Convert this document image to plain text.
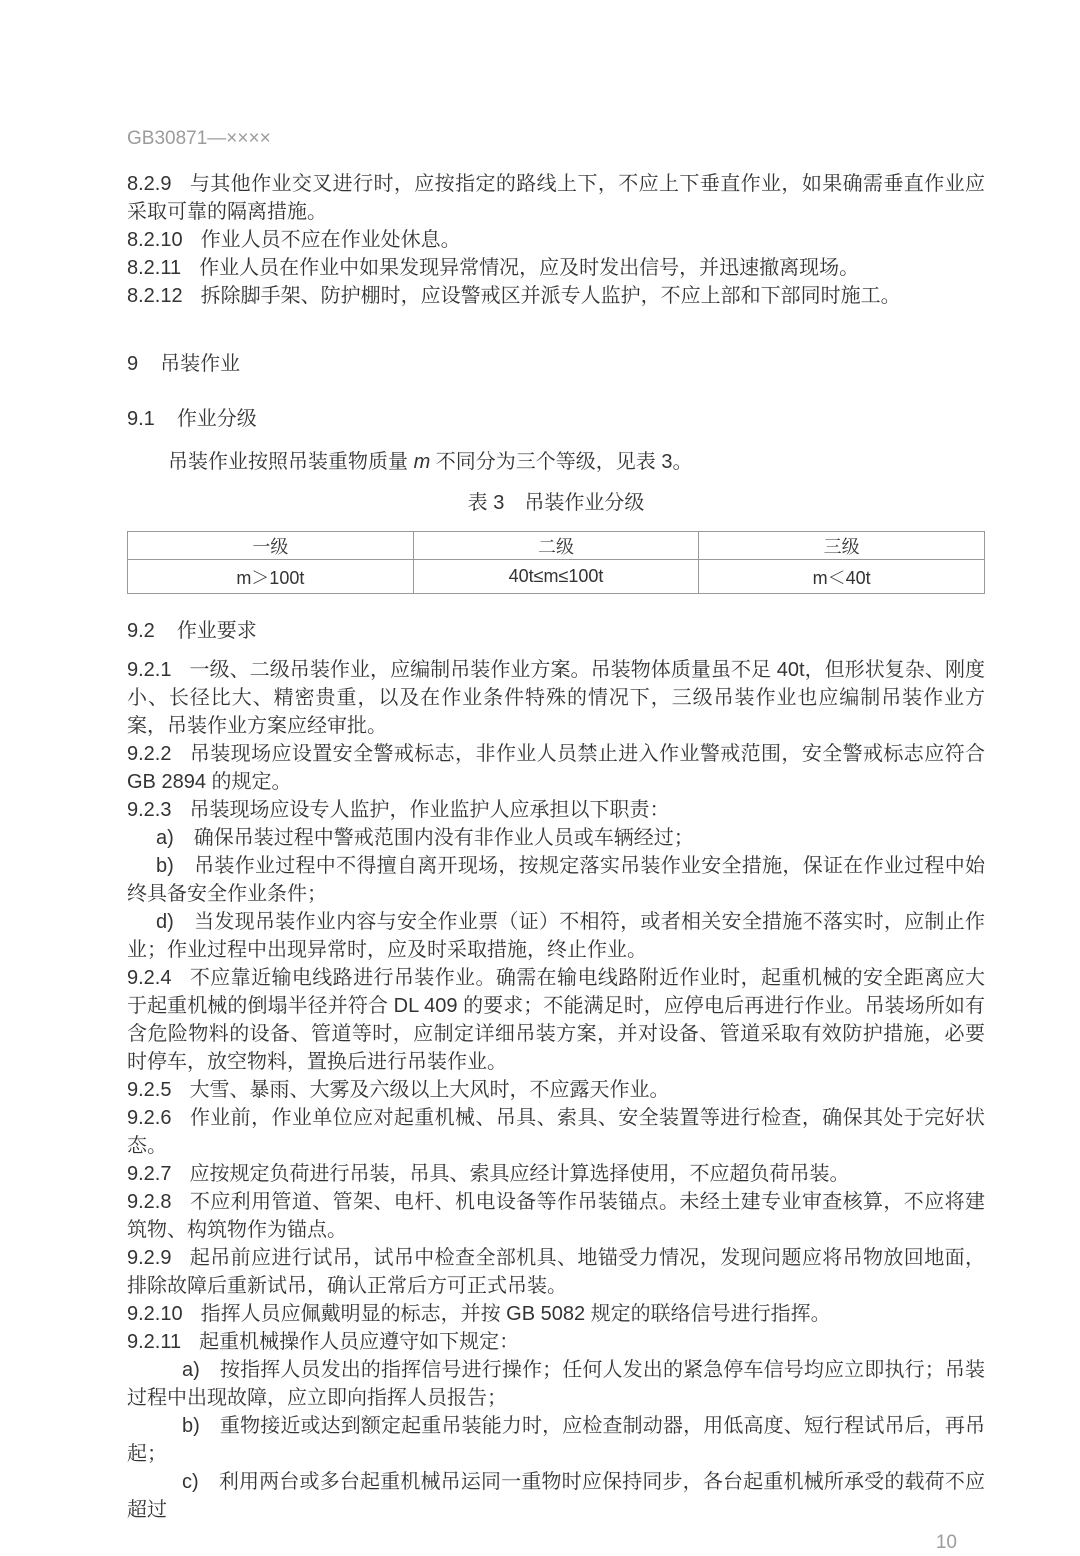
GB30871—××××

8.2.9 与其他作业交叉进行时，应按指定的路线上下，不应上下垂直作业，如果确需垂直作业应采取可靠的隔离措施。

8.2.10 作业人员不应在作业处休息。

8.2.11 作业人员在作业中如果发现异常情况，应及时发出信号，并迅速撤离现场。

8.2.12 拆除脚手架、防护棚时，应设警戒区并派专人监护，不应上部和下部同时施工。

9 吊装作业
9.1 作业分级

吊装作业按照吊装重物质量 m 不同分为三个等级，见表 3。

表 3　吊装作业分级

一级	二级	三级
m＞100t	40t≤m≤100t	m＜40t
9.2 作业要求

9.2.1 一级、二级吊装作业，应编制吊装作业方案。吊装物体质量虽不足 40t，但形状复杂、刚度小、长径比大、精密贵重，以及在作业条件特殊的情况下，三级吊装作业也应编制吊装作业方案，吊装作业方案应经审批。

9.2.2 吊装现场应设置安全警戒标志，非作业人员禁止进入作业警戒范围，安全警戒标志应符合 GB 2894 的规定。

9.2.3 吊装现场应设专人监护，作业监护人应承担以下职责：

a) 确保吊装过程中警戒范围内没有非作业人员或车辆经过；

b) 吊装作业过程中不得擅自离开现场，按规定落实吊装作业安全措施，保证在作业过程中始终具备安全作业条件；

d) 当发现吊装作业内容与安全作业票（证）不相符，或者相关安全措施不落实时，应制止作业；作业过程中出现异常时，应及时采取措施，终止作业。

9.2.4 不应靠近输电线路进行吊装作业。确需在输电线路附近作业时，起重机械的安全距离应大于起重机械的倒塌半径并符合 DL 409 的要求；不能满足时，应停电后再进行作业。吊装场所如有含危险物料的设备、管道等时，应制定详细吊装方案，并对设备、管道采取有效防护措施，必要时停车，放空物料，置换后进行吊装作业。

9.2.5 大雪、暴雨、大雾及六级以上大风时，不应露天作业。

9.2.6 作业前，作业单位应对起重机械、吊具、索具、安全装置等进行检查，确保其处于完好状态。

9.2.7 应按规定负荷进行吊装，吊具、索具应经计算选择使用，不应超负荷吊装。

9.2.8 不应利用管道、管架、电杆、机电设备等作吊装锚点。未经土建专业审查核算，不应将建筑物、构筑物作为锚点。

9.2.9 起吊前应进行试吊，试吊中检查全部机具、地锚受力情况，发现问题应将吊物放回地面，排除故障后重新试吊，确认正常后方可正式吊装。

9.2.10 指挥人员应佩戴明显的标志，并按 GB 5082 规定的联络信号进行指挥。

9.2.11 起重机械操作人员应遵守如下规定：

a) 按指挥人员发出的指挥信号进行操作；任何人发出的紧急停车信号均应立即执行；吊装过程中出现故障，应立即向指挥人员报告；

b) 重物接近或达到额定起重吊装能力时，应检查制动器，用低高度、短行程试吊后，再吊起；

c) 利用两台或多台起重机械吊运同一重物时应保持同步，各台起重机械所承受的载荷不应超过

10
